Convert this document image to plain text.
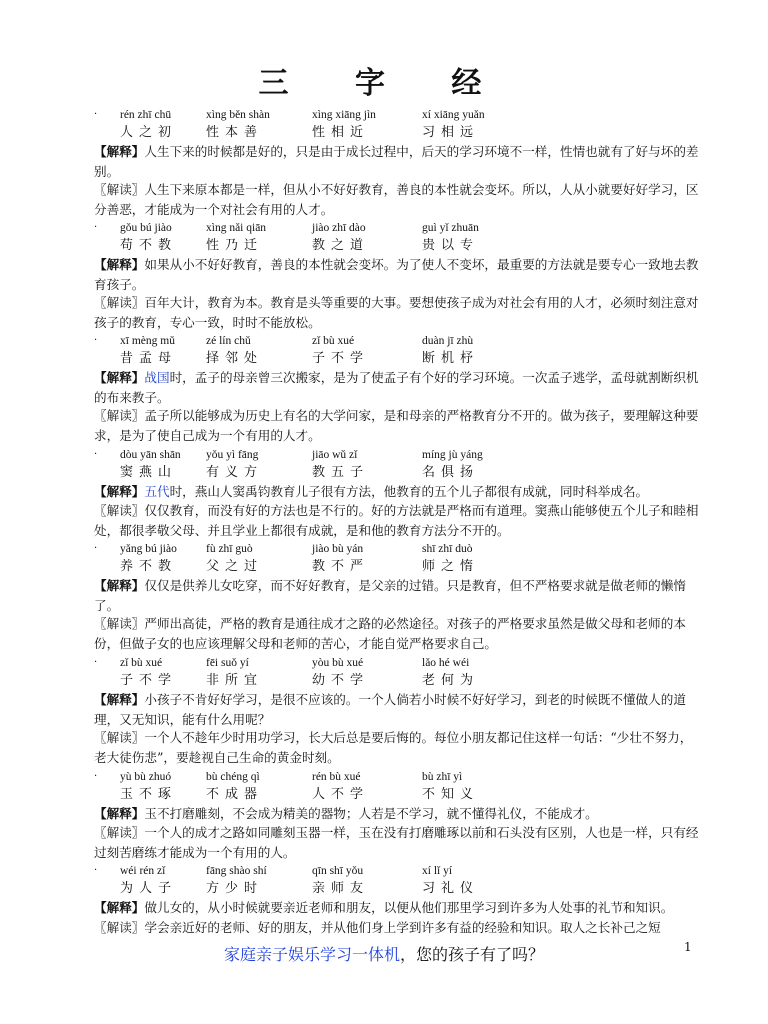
三 字 经
· rén zhī chū	xìng běn shàn	xìng xiāng jìn	xí xiāng yuǎn
人之初 性本善	性相近	习相远
【解释】人生下来的时候都是好的，只是由于成长过程中，后天的学习环境不一样，性情也就有了好与坏的差别。
〖解读〗人生下来原本都是一样，但从小不好好教育，善良的本性就会变坏。所以，人从小就要好好学习，区分善恶，才能成为一个对社会有用的人才。
· gǒu bú jiào	xìng nǎi qiān	jiào zhī dào	guì yǐ zhuān
苟不教 性乃迁	教之道	贵以专
【解释】如果从小不好好教育，善良的本性就会变坏。为了使人不变坏，最重要的方法就是要专心一致地去教育孩子。
〖解读〗百年大计，教育为本。教育是头等重要的大事。要想使孩子成为对社会有用的人才，必须时刻注意对孩子的教育，专心一致，时时不能放松。
· xī mèng mǔ	zé lín chǔ	zǐ bù xué	duàn jī zhù
昔孟母 择邻处	子不学	断机杼
【解释】战国时，孟子的母亲曾三次搬家，是为了使孟子有个好的学习环境。一次孟子逃学，孟母就割断织机的布来教子。
〖解读〗孟子所以能够成为历史上有名的大学问家，是和母亲的严格教育分不开的。做为孩子，要理解这种要求，是为了使自己成为一个有用的人才。
· dòu yān shān yǒu yì fāng	jiāo wǔ zǐ	míng jù yáng
窦燕山 有义方	教五子	名俱扬
【解释】五代时，燕山人窦禹钧教育儿子很有方法，他教育的五个儿子都很有成就，同时科举成名。
〖解读〗仅仅教育，而没有好的方法也是不行的。好的方法就是严格而有道理。窦燕山能够使五个儿子和睦相处，都很孝敬父母、并且学业上都很有成就，是和他的教育方法分不开的。
· yǎng bú jiào	fù zhī guò	jiào bù yán	shī zhī duò
养不教 父之过	教不严	师之惰
【解释】仅仅是供养儿女吃穿，而不好好教育，是父亲的过错。只是教育，但不严格要求就是做老师的懒惰了。
〖解读〗严师出高徒，严格的教育是通往成才之路的必然途径。对孩子的严格要求虽然是做父母和老师的本份，但做子女的也应该理解父母和老师的苦心，才能自觉严格要求自己。
· zǐ bù xué	fēi suǒ yí	yòu bù xué	lǎo hé wéi
子不学 非所宜	幼不学	老何为
【解释】小孩子不肯好好学习，是很不应该的。一个人倘若小时候不好好学习，到老的时候既不懂做人的道理，又无知识，能有什么用呢？
〖解读〗一个人不趁年少时用功学习，长大后总是要后悔的。每位小朋友都记住这样一句话：“少壮不努力，老大徒伤悲”，要趁视自己生命的黄金时刻。
· yù bù zhuó	bù chéng qì	rén bù xué	bù zhī yì
玉不琢 不成器	人不学	不知义
【解释】玉不打磨雕刻，不会成为精美的器物；人若是不学习，就不懂得礼仪，不能成才。
〖解读〗一个人的成才之路如同雕刻玉器一样，玉在没有打磨雕琢以前和石头没有区别，人也是一样，只有经过刻苦磨练才能成为一个有用的人。
· wéi rén zǐ	fāng shào shí	qīn shī yǒu	xí lǐ yí
为人子 方少时	亲师友	习礼仪
【解释】做儿女的，从小时候就要亲近老师和朋友，以便从他们那里学习到许多为人处事的礼节和知识。
〖解读〗学会亲近好的老师、好的朋友，并从他们身上学到许多有益的经验和知识。取人之长补己之短
家庭亲子娱乐学习一体机，您的孩子有了吗？	1
